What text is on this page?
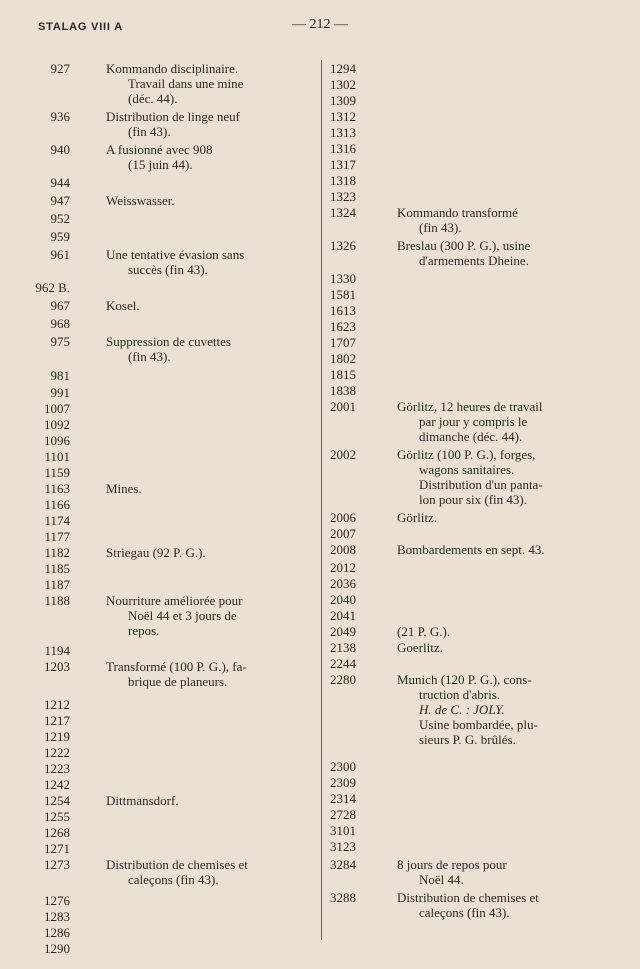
STALAG VIII A	— 212 —
927	Kommando disciplinaire.
Travail dans une mine
(déc. 44).
936	Distribution de linge neuf
(fin 43).
940	A fusionné avec 908
(15 juin 44).
944

947	Weisswasser.
952

959

961	Une tentative évasion sans
succès (fin 43).
962 B.

967	Kosel.
968

975	Suppression de cuvettes
(fin 43).
981

991

1007

1092

1096

1101

1159

1163	Mines.
1166

1174

1177

1182	Striegau (92 P. G.).
1185

1187

1188	Nourriture améliorée pour
Noël 44 et 3 jours de
repos.
1194

1203	Transformé (100 P. G.), fa-
brique de planeurs.
1212

1217

1219

1222

1223

1242

1254	Dittmansdorf.
1255

1268

1271

1273	Distribution de chemises et
caleçons (fin 43).
1276

1283

1286

1290

1294

1302

1309

1312

1313

1316

1317

1318

1323

1324	Kommando transformé
(fin 43).
1326	Breslau (300 P. G.), usine
d'armements Dheine.
1330

1581

1613

1623

1707

1802

1815

1838

2001	Görlitz, 12 heures de travail
par jour y compris le
dimanche (déc. 44).
2002	Görlitz (100 P. G.), forges,
wagons sanitaires.
Distribution d'un panta-
lon pour six (fin 43).
2006	Görlitz.
2007

2008	Bombardements en sept. 43.
2012

2036

2040

2041

2049	(21 P. G.).
2138	Goerlitz.
2244

2280	Munich (120 P. G.), cons-
truction d'abris.
H. de C. : JOLY.
Usine bombardée, plu-
sieurs P. G. brûlés.
2300

2309

2314

2728

3101

3123

3284	8 jours de repos pour
Noël 44.
3288	Distribution de chemises et
caleçons (fin 43).
